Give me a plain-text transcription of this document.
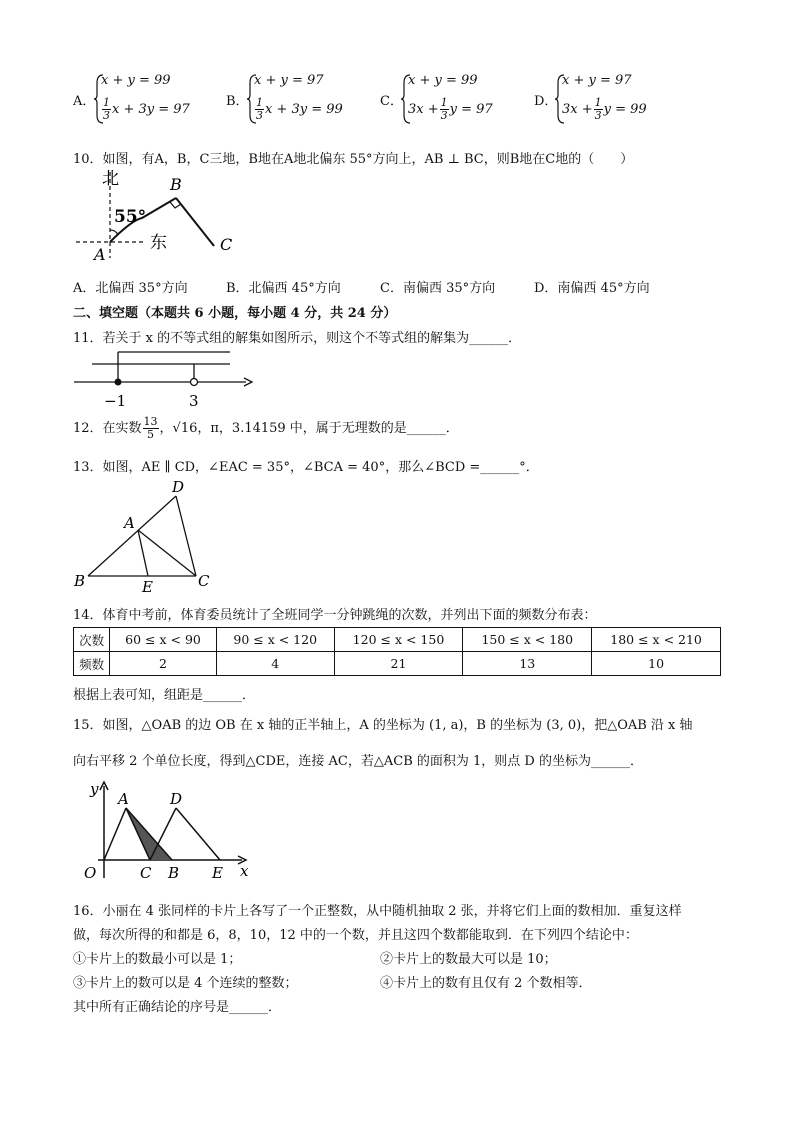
A．
x + y = 99
$\frac{1}{3}$ x + 3y = 97
B．
x + y = 97
$\frac{1}{3}$ x + 3y = 99
C．
x + y = 99
$3x + \frac{1}{3}$ y = 97
D．
x + y = 97
$3x + \frac{1}{3}$ y = 99
10．如图，有A，B，C三地，B地在A地北偏东 55°方向上，AB ⊥ BC，则B地在C地的（　　）
北
东
55°
B
A
C
A．北偏西 35°方向	B．北偏西 45°方向	C．南偏西 35°方向	D．南偏西 45°方向
二、填空题（本题共 6 小题，每小题 4 分，共 24 分）
11．若关于 x 的不等式组的解集如图所示，则这个不等式组的解集为______．
−1	3
12．在实数 $\frac{13}{5}$ ，√16，π，3.14159 中，属于无理数的是______．
13．如图，AE ∥ CD，∠EAC = 35°，∠BCA = 40°，那么∠BCD =______°．
D
A
B	E	C
14．体育中考前，体育委员统计了全班同学一分钟跳绳的次数，并列出下面的频数分布表：
次数	60 ≤ x < 90	90 ≤ x < 120	120 ≤ x < 150	150 ≤ x < 180	180 ≤ x < 210
频数	2	4	21	13	10
根据上表可知，组距是______．
15．如图，△OAB 的边 OB 在 x 轴的正半轴上，A 的坐标为 (1, a)，B 的坐标为 (3, 0)，把△OAB 沿 x 轴
向右平移 2 个单位长度，得到△CDE，连接 AC，若△ACB 的面积为 1，则点 D 的坐标为______．
y
x
O
A
C B
D
E
16．小丽在 4 张同样的卡片上各写了一个正整数，从中随机抽取 2 张，并将它们上面的数相加．重复这样
做，每次所得的和都是 6，8，10，12 中的一个数，并且这四个数都能取到．在下列四个结论中：
①卡片上的数最小可以是 1；	②卡片上的数最大可以是 10；
③卡片上的数可以是 4 个连续的整数；	④卡片上的数有且仅有 2 个数相等．
其中所有正确结论的序号是______．
